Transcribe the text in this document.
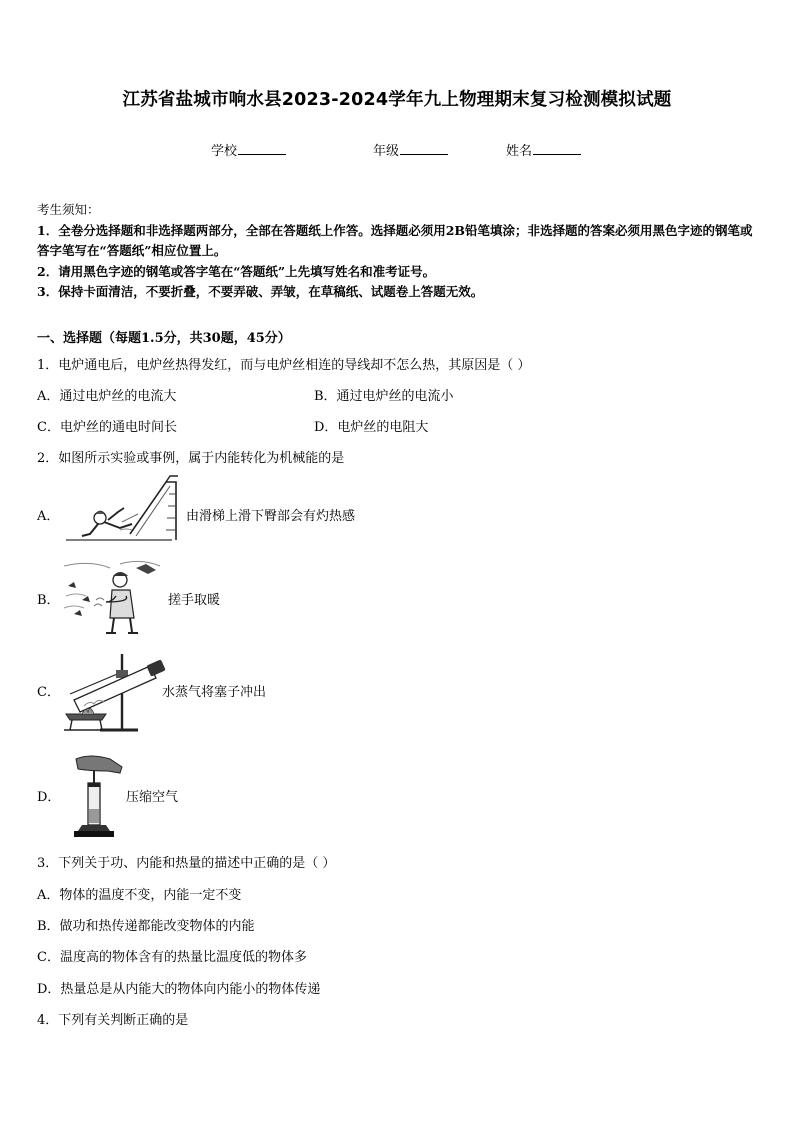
江苏省盐城市响水县2023-2024学年九上物理期末复习检测模拟试题
学校	年级	姓名
考生须知：
1．全卷分选择题和非选择题两部分，全部在答题纸上作答。选择题必须用2B铅笔填涂；非选择题的答案必须用黑色字迹的钢笔或答字笔写在“答题纸”相应位置上。
2．请用黑色字迹的钢笔或答字笔在“答题纸”上先填写姓名和准考证号。
3．保持卡面清洁，不要折叠，不要弄破、弄皱，在草稿纸、试题卷上答题无效。
一、选择题（每题1.5分，共30题，45分）
1．电炉通电后，电炉丝热得发红，而与电炉丝相连的导线却不怎么热，其原因是（ ）
A．通过电炉丝的电流大	B．通过电炉丝的电流小
C．电炉丝的通电时间长	D．电炉丝的电阻大
2．如图所示实验或事例，属于内能转化为机械能的是
A．	由滑梯上滑下臀部会有灼热感
B．	搓手取暖
C．	水蒸气将塞子冲出
D．	压缩空气
3．下列关于功、内能和热量的描述中正确的是（ ）
A．物体的温度不变，内能一定不变
B．做功和热传递都能改变物体的内能
C．温度高的物体含有的热量比温度低的物体多
D．热量总是从内能大的物体向内能小的物体传递
4．下列有关判断正确的是
